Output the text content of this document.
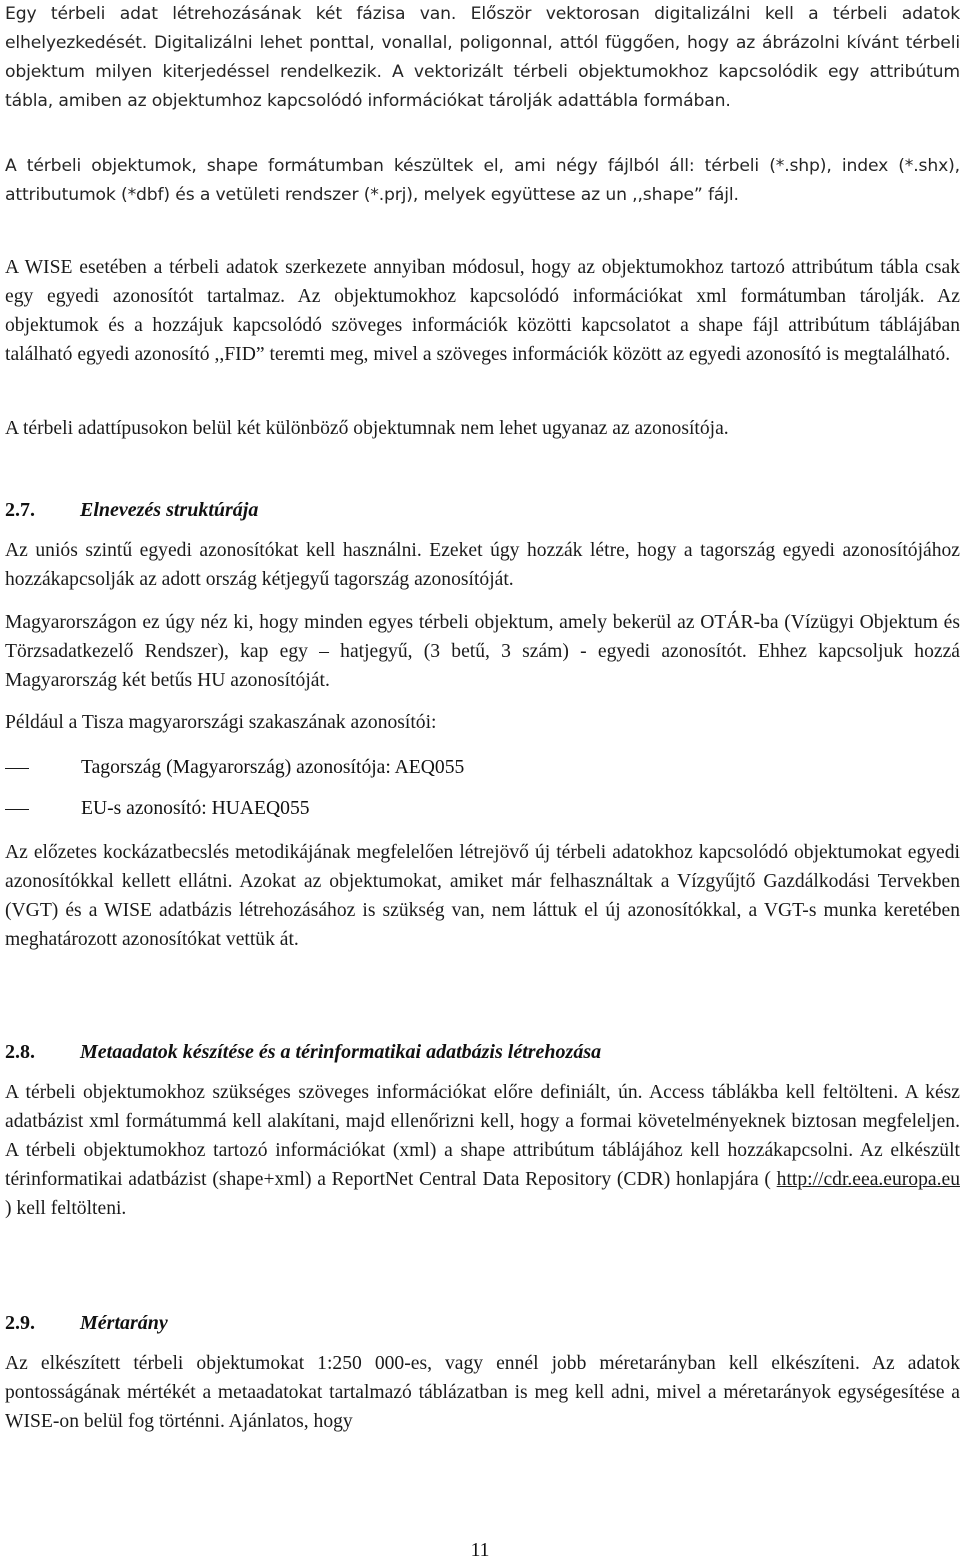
Egy térbeli adat létrehozásának két fázisa van. Először vektorosan digitalizálni kell a térbeli adatok elhelyezkedését. Digitalizálni lehet ponttal, vonallal, poligonnal, attól függően, hogy az ábrázolni kívánt térbeli objektum milyen kiterjedéssel rendelkezik. A vektorizált térbeli objektumokhoz kapcsolódik egy attribútum tábla, amiben az objektumhoz kapcsolódó információkat tárolják adattábla formában.

A térbeli objektumok, shape formátumban készültek el, ami négy fájlból áll: térbeli (*.shp), index (*.shx), attributumok (*dbf) és a vetületi rendszer (*.prj), melyek együttese az un ,,shape” fájl.

A WISE esetében a térbeli adatok szerkezete annyiban módosul, hogy az objektumokhoz tartozó attribútum tábla csak egy egyedi azonosítót tartalmaz. Az objektumokhoz kapcsolódó információkat xml formátumban tárolják. Az objektumok és a hozzájuk kapcsolódó szöveges információk közötti kapcsolatot a shape fájl attribútum táblájában található egyedi azonosító ,,FID” teremti meg, mivel a szöveges információk között az egyedi azonosító is megtalálható.

A térbeli adattípusokon belül két különböző objektumnak nem lehet ugyanaz az azonosítója.

2.7. Elnevezés struktúrája

Az uniós szintű egyedi azonosítókat kell használni. Ezeket úgy hozzák létre, hogy a tagország egyedi azonosítójához hozzákapcsolják az adott ország kétjegyű tagország azonosítóját.

Magyarországon ez úgy néz ki, hogy minden egyes térbeli objektum, amely bekerül az OTÁR-ba (Vízügyi Objektum és Törzsadatkezelő Rendszer), kap egy – hatjegyű, (3 betű, 3 szám) - egyedi azonosítót. Ehhez kapcsoljuk hozzá Magyarország két betűs HU azonosítóját.

Például a Tisza magyarországi szakaszának azonosítói:

Tagország (Magyarország) azonosítója: AEQ055
EU-s azonosító: HUAEQ055

Az előzetes kockázatbecslés metodikájának megfelelően létrejövő új térbeli adatokhoz kapcsolódó objektumokat egyedi azonosítókkal kellett ellátni. Azokat az objektumokat, amiket már felhasználtak a Vízgyűjtő Gazdálkodási Tervekben (VGT) és a WISE adatbázis létrehozásához is szükség van, nem láttuk el új azonosítókkal, a VGT-s munka keretében meghatározott azonosítókat vettük át.

2.8. Metaadatok készítése és a térinformatikai adatbázis létrehozása

A térbeli objektumokhoz szükséges szöveges információkat előre definiált, ún. Access táblákba kell feltölteni. A kész adatbázist xml formátummá kell alakítani, majd ellenőrizni kell, hogy a formai követelményeknek biztosan megfeleljen. A térbeli objektumokhoz tartozó információkat (xml) a shape attribútum táblájához kell hozzákapcsolni. Az elkészült térinformatikai adatbázist (shape+xml) a ReportNet Central Data Repository (CDR) honlapjára ( http://cdr.eea.europa.eu ) kell feltölteni.

2.9. Mértarány

Az elkészített térbeli objektumokat 1:250 000-es, vagy ennél jobb méretarányban kell elkészíteni. Az adatok pontosságának mértékét a metaadatokat tartalmazó táblázatban is meg kell adni, mivel a méretarányok egységesítése a WISE-on belül fog történni. Ajánlatos, hogy

11
